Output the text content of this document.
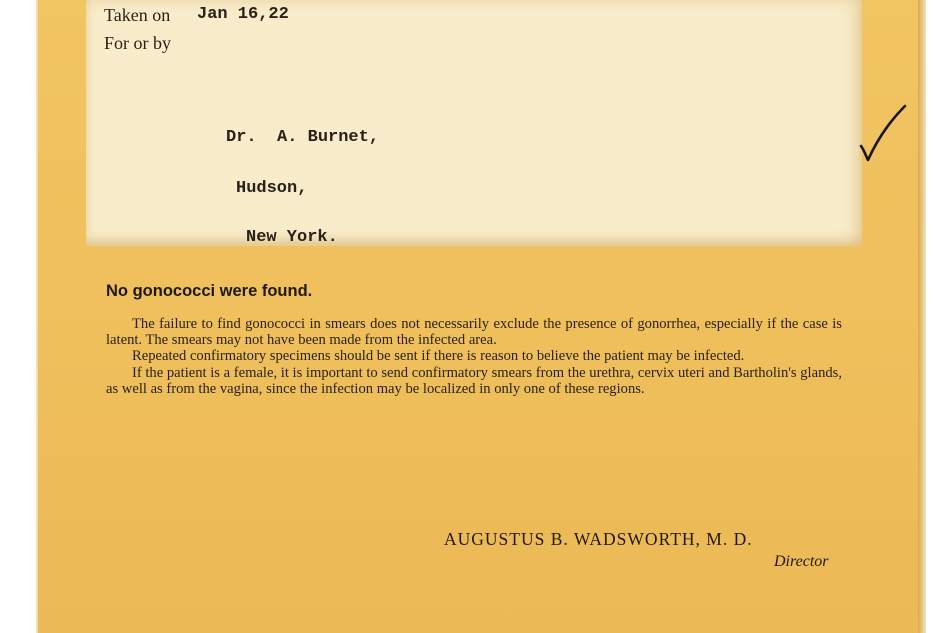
Taken on Jan 16,22
For or by
Dr.  A. Burnet,
Hudson,
New York.
No gonococci were found.

The failure to find gonococci in smears does not necessarily exclude the presence of gonorrhea, especially if the case is latent. The smears may not have been made from the infected area.

Repeated confirmatory specimens should be sent if there is reason to believe the patient may be infected.

If the patient is a female, it is important to send confirmatory smears from the urethra, cervix uteri and Bartholin's glands, as well as from the vagina, since the infection may be localized in only one of these regions.

AUGUSTUS B. WADSWORTH, M. D.
Director
